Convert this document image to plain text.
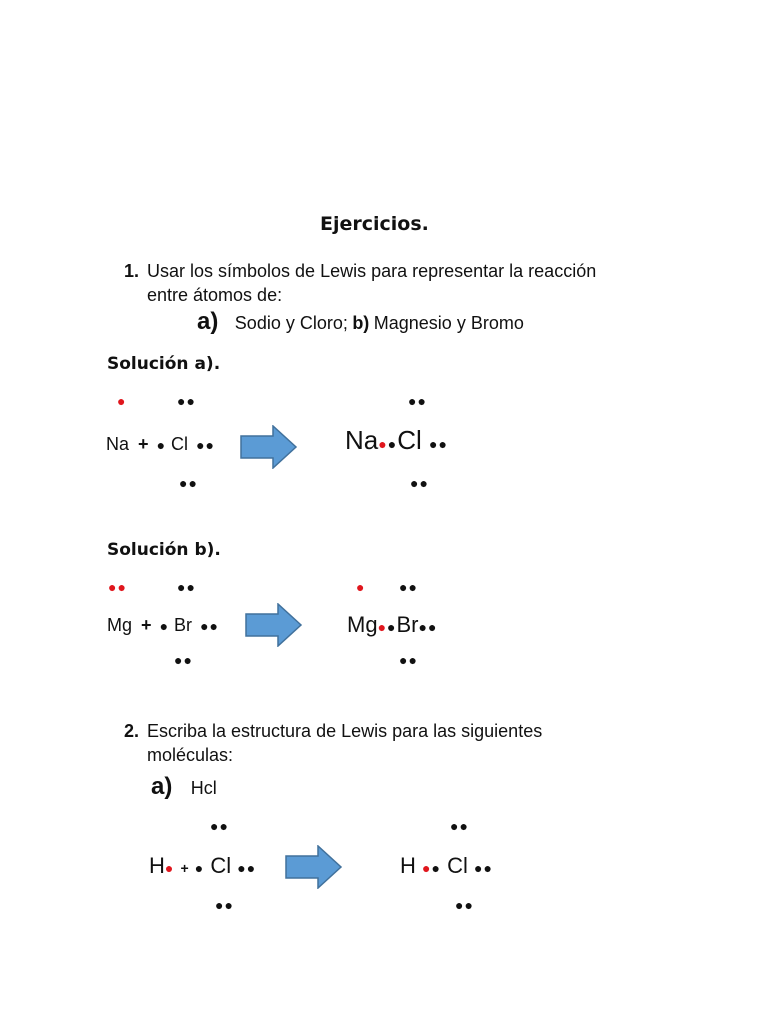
Ejercicios.
1. Usar los símbolos de Lewis para representar la reacción
entre átomos de:
a) Sodio y Cloro; b) Magnesio y Bromo
Solución a).
●	●●
Na + ● Cl ●●
●●
●●
Na●●Cl ●●
●●
Solución b).
●●	●●
Mg + ● Br ●●
●●
● ●●
Mg●●Br●●
●●
2. Escriba la estructura de Lewis para las siguientes
moléculas:
a) Hcl
●●
H● + ● Cl ●●
●●
●●
H ●● Cl ●●
●●
